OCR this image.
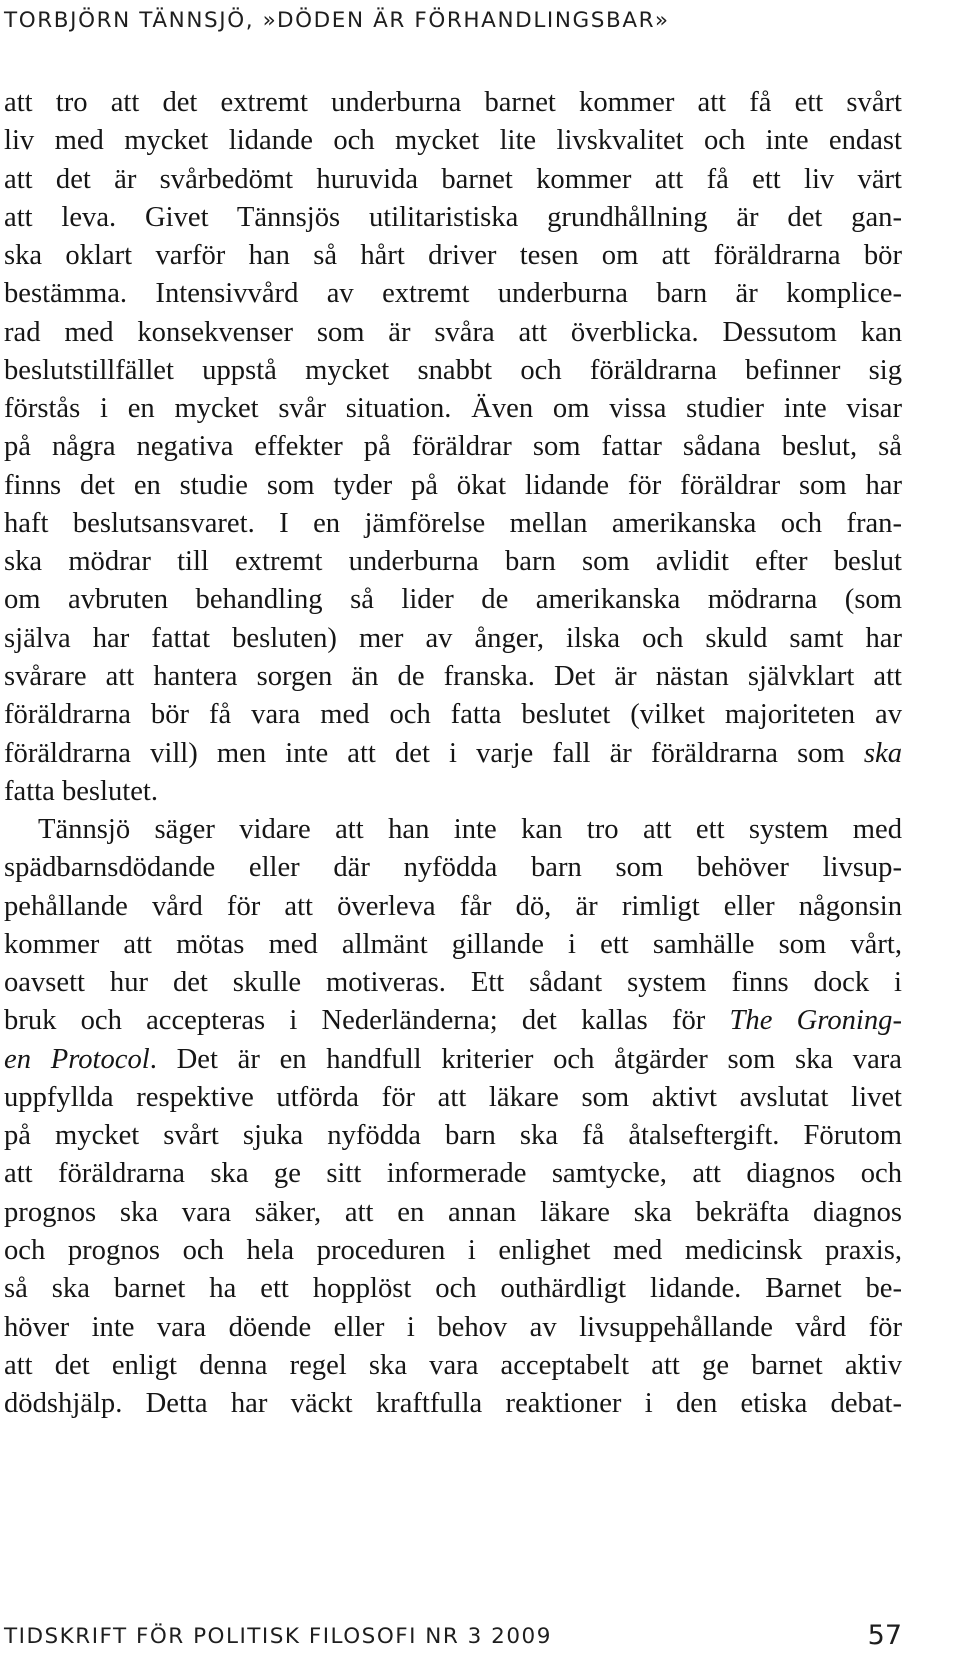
TORBJÖRN TÄNNSJÖ, »DÖDEN ÄR FÖRHANDLINGSBAR»
att tro att det extremt underburna barnet kommer att få ett svårt
liv med mycket lidande och mycket lite livskvalitet och inte endast
att det är svårbedömt huruvida barnet kommer att få ett liv värt
att leva. Givet Tännsjös utilitaristiska grundhållning är det gan-
ska oklart varför han så hårt driver tesen om att föräldrarna bör
bestämma. Intensivvård av extremt underburna barn är komplice-
rad med konsekvenser som är svåra att överblicka. Dessutom kan
beslutstillfället uppstå mycket snabbt och föräldrarna befinner sig
förstås i en mycket svår situation. Även om vissa studier inte visar
på några negativa effekter på föräldrar som fattar sådana beslut, så
finns det en studie som tyder på ökat lidande för föräldrar som har
haft beslutsansvaret. I en jämförelse mellan amerikanska och fran-
ska mödrar till extremt underburna barn som avlidit efter beslut
om avbruten behandling så lider de amerikanska mödrarna (som
själva har fattat besluten) mer av ånger, ilska och skuld samt har
svårare att hantera sorgen än de franska. Det är nästan självklart att
föräldrarna bör få vara med och fatta beslutet (vilket majoriteten av
föräldrarna vill) men inte att det i varje fall är föräldrarna som ska
fatta beslutet.
Tännsjö säger vidare att han inte kan tro att ett system med
spädbarnsdödande eller där nyfödda barn som behöver livsup-
pehållande vård för att överleva får dö, är rimligt eller någonsin
kommer att mötas med allmänt gillande i ett samhälle som vårt,
oavsett hur det skulle motiveras. Ett sådant system finns dock i
bruk och accepteras i Nederländerna; det kallas för The Groning-
en Protocol. Det är en handfull kriterier och åtgärder som ska vara
uppfyllda respektive utförda för att läkare som aktivt avslutat livet
på mycket svårt sjuka nyfödda barn ska få åtalseftergift. Förutom
att föräldrarna ska ge sitt informerade samtycke, att diagnos och
prognos ska vara säker, att en annan läkare ska bekräfta diagnos
och prognos och hela proceduren i enlighet med medicinsk praxis,
så ska barnet ha ett hopplöst och outhärdligt lidande. Barnet be-
höver inte vara döende eller i behov av livsuppehållande vård för
att det enligt denna regel ska vara acceptabelt att ge barnet aktiv
dödshjälp. Detta har väckt kraftfulla reaktioner i den etiska debat-
TIDSKRIFT FÖR POLITISK FILOSOFI NR 3 2009	57
